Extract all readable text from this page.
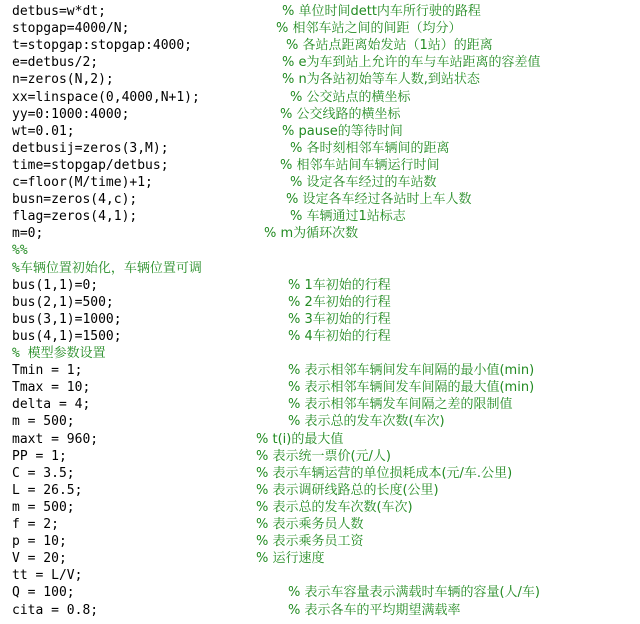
detbus=w*dt;	% 单位时间dett内车所行驶的路程
stopgap=4000/N;	% 相邻车站之间的间距（均分）
t=stopgap:stopgap:4000;	% 各站点距离始发站（1站）的距离
e=detbus/2;	% e为车到站上允许的车与车站距离的容差值
n=zeros(N,2);	% n为各站初始等车人数,到站状态
xx=linspace(0,4000,N+1);	% 公交站点的横坐标
yy=0:1000:4000;	% 公交线路的横坐标
wt=0.01;	% pause的等待时间
detbusij=zeros(3,M);	% 各时刻相邻车辆间的距离
time=stopgap/detbus;	% 相邻车站间车辆运行时间
c=floor(M/time)+1;	% 设定各车经过的车站数
busn=zeros(4,c);	% 设定各车经过各站时上车人数
flag=zeros(4,1);	% 车辆通过1站标志
m=0;	% m为循环次数
%%
%车辆位置初始化，车辆位置可调
bus(1,1)=0;	% 1车初始的行程
bus(2,1)=500;	% 2车初始的行程
bus(3,1)=1000;	% 3车初始的行程
bus(4,1)=1500;	% 4车初始的行程
% 模型参数设置
Tmin = 1;	% 表示相邻车辆间发车间隔的最小值(min)
Tmax = 10;	% 表示相邻车辆间发车间隔的最大值(min)
delta = 4;	% 表示相邻车辆发车间隔之差的限制值
m = 500;	% 表示总的发车次数(车次)
maxt = 960;	% t(i)的最大值
PP = 1;	% 表示统一票价(元/人)
C = 3.5;	% 表示车辆运营的单位损耗成本(元/车.公里)
L = 26.5;	% 表示调研线路总的长度(公里)
m = 500;	% 表示总的发车次数(车次)
f = 2;	% 表示乘务员人数
p = 10;	% 表示乘务员工资
V = 20;	% 运行速度
tt = L/V;
Q = 100;	% 表示车容量表示满载时车辆的容量(人/车)
cita = 0.8;	% 表示各车的平均期望满载率
